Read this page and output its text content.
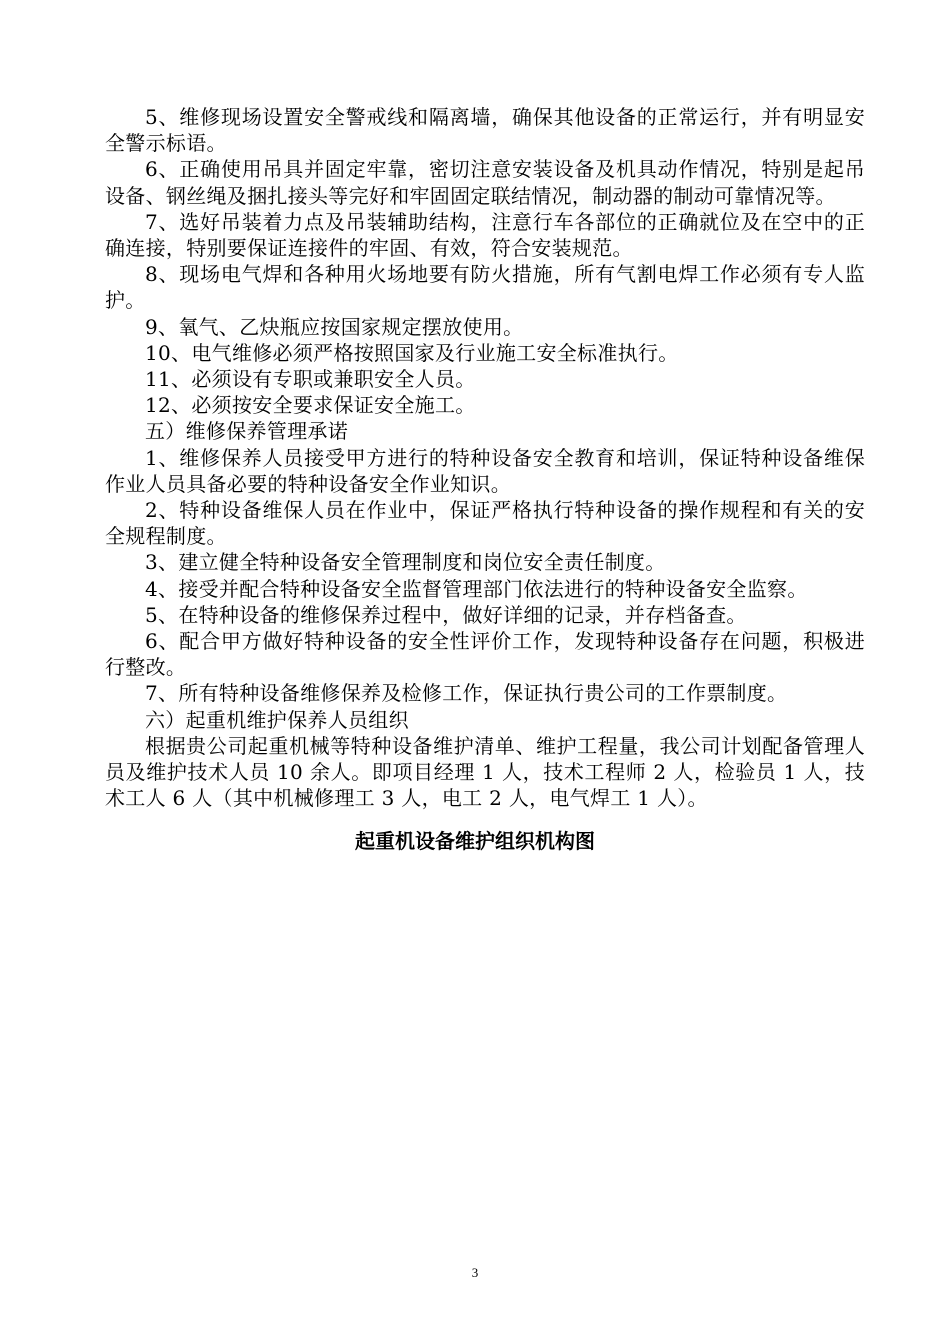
5、维修现场设置安全警戒线和隔离墙，确保其他设备的正常运行，并有明显安全警示标语。

6、正确使用吊具并固定牢靠，密切注意安装设备及机具动作情况，特别是起吊设备、钢丝绳及捆扎接头等完好和牢固固定联结情况，制动器的制动可靠情况等。

7、选好吊装着力点及吊装辅助结构，注意行车各部位的正确就位及在空中的正确连接，特别要保证连接件的牢固、有效，符合安装规范。

8、现场电气焊和各种用火场地要有防火措施，所有气割电焊工作必须有专人监护。

9、氧气、乙炔瓶应按国家规定摆放使用。

10、电气维修必须严格按照国家及行业施工安全标准执行。

11、必须设有专职或兼职安全人员。

12、必须按安全要求保证安全施工。

五）维修保养管理承诺

1、维修保养人员接受甲方进行的特种设备安全教育和培训，保证特种设备维保作业人员具备必要的特种设备安全作业知识。

2、特种设备维保人员在作业中，保证严格执行特种设备的操作规程和有关的安全规程制度。

3、建立健全特种设备安全管理制度和岗位安全责任制度。

4、接受并配合特种设备安全监督管理部门依法进行的特种设备安全监察。

5、在特种设备的维修保养过程中，做好详细的记录，并存档备查。

6、配合甲方做好特种设备的安全性评价工作，发现特种设备存在问题，积极进行整改。

7、所有特种设备维修保养及检修工作，保证执行贵公司的工作票制度。

六）起重机维护保养人员组织

根据贵公司起重机械等特种设备维护清单、维护工程量，我公司计划配备管理人员及维护技术人员 10 余人。即项目经理 1 人，技术工程师 2 人，检验员 1 人，技术工人 6 人（其中机械修理工 3 人，电工 2 人，电气焊工 1 人）。

起重机设备维护组织机构图
3
